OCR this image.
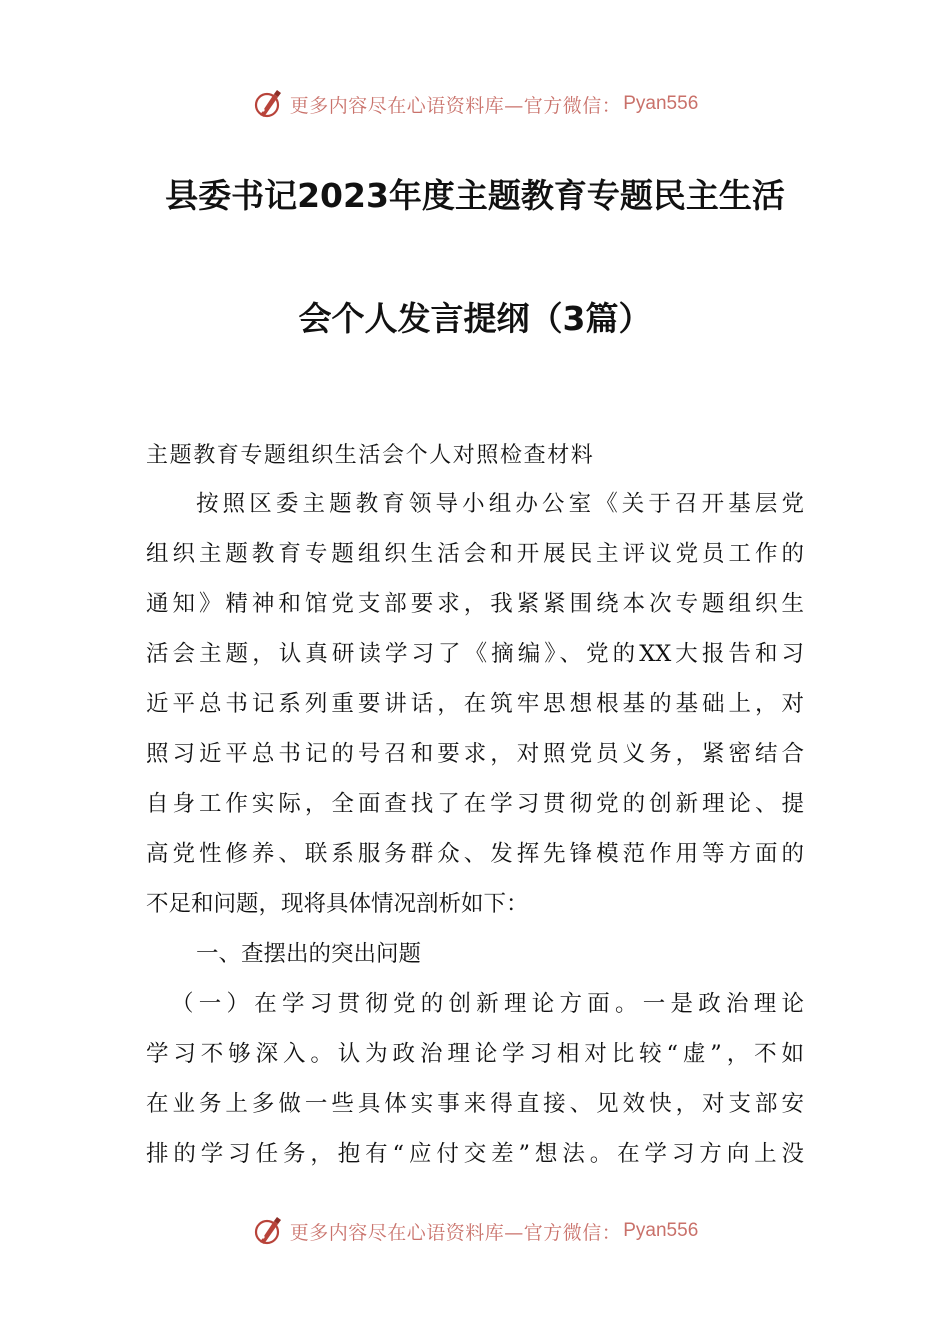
更多内容尽在心语资料库—官方微信： Pyan556
县委书记2023年度主题教育专题民主生活
会个人发言提纲（3篇）
主题教育专题组织生活会个人对照检查材料
按照区委主题教育领导小组办公室《关于召开基层党
组织主题教育专题组织生活会和开展民主评议党员工作的
通知》精神和馆党支部要求，我紧紧围绕本次专题组织生
活会主题，认真研读学习了《摘编》、党的XX大报告和习
近平总书记系列重要讲话，在筑牢思想根基的基础上，对
照习近平总书记的号召和要求，对照党员义务，紧密结合
自身工作实际，全面查找了在学习贯彻党的创新理论、提
高党性修养、联系服务群众、发挥先锋模范作用等方面的
不足和问题，现将具体情况剖析如下：
一、查摆出的突出问题
（一）在学习贯彻党的创新理论方面。一是政治理论
学习不够深入。认为政治理论学习相对比较“虚”，不如
在业务上多做一些具体实事来得直接、见效快，对支部安
排的学习任务，抱有“应付交差”想法。在学习方向上没
更多内容尽在心语资料库—官方微信： Pyan556
